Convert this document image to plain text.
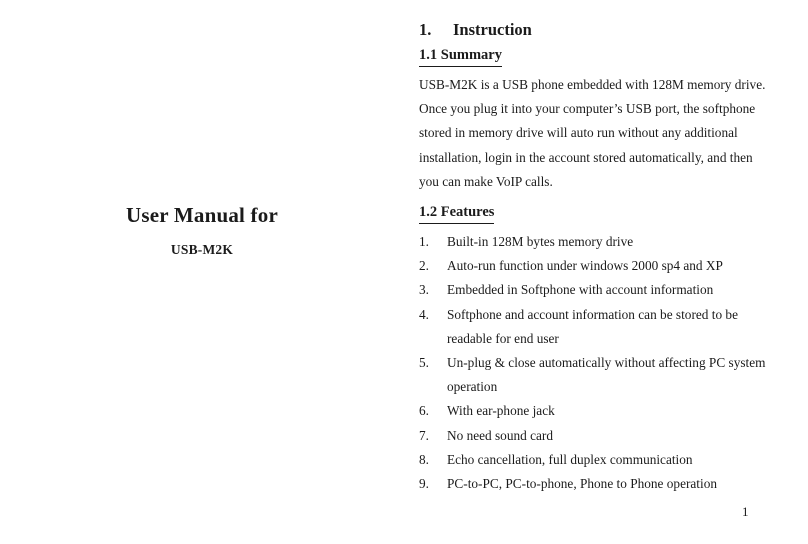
User Manual for
USB-M2K
1. Instruction
1.1 Summary

USB-M2K is a USB phone embedded with 128M memory drive. Once you plug it into your computer’s USB port, the softphone stored in memory drive will auto run without any additional installation, login in the account stored automatically, and then you can make VoIP calls.

1.2 Features
1.	Built-in 128M bytes memory drive
2.	Auto-run function under windows 2000 sp4 and XP
3.	Embedded in Softphone with account information
4.	Softphone and account information can be stored to be readable for end user
5.	Un-plug & close automatically without affecting PC system operation
6.	With ear-phone jack
7.	No need sound card
8.	Echo cancellation, full duplex communication
9.	PC-to-PC, PC-to-phone, Phone to Phone operation
1
